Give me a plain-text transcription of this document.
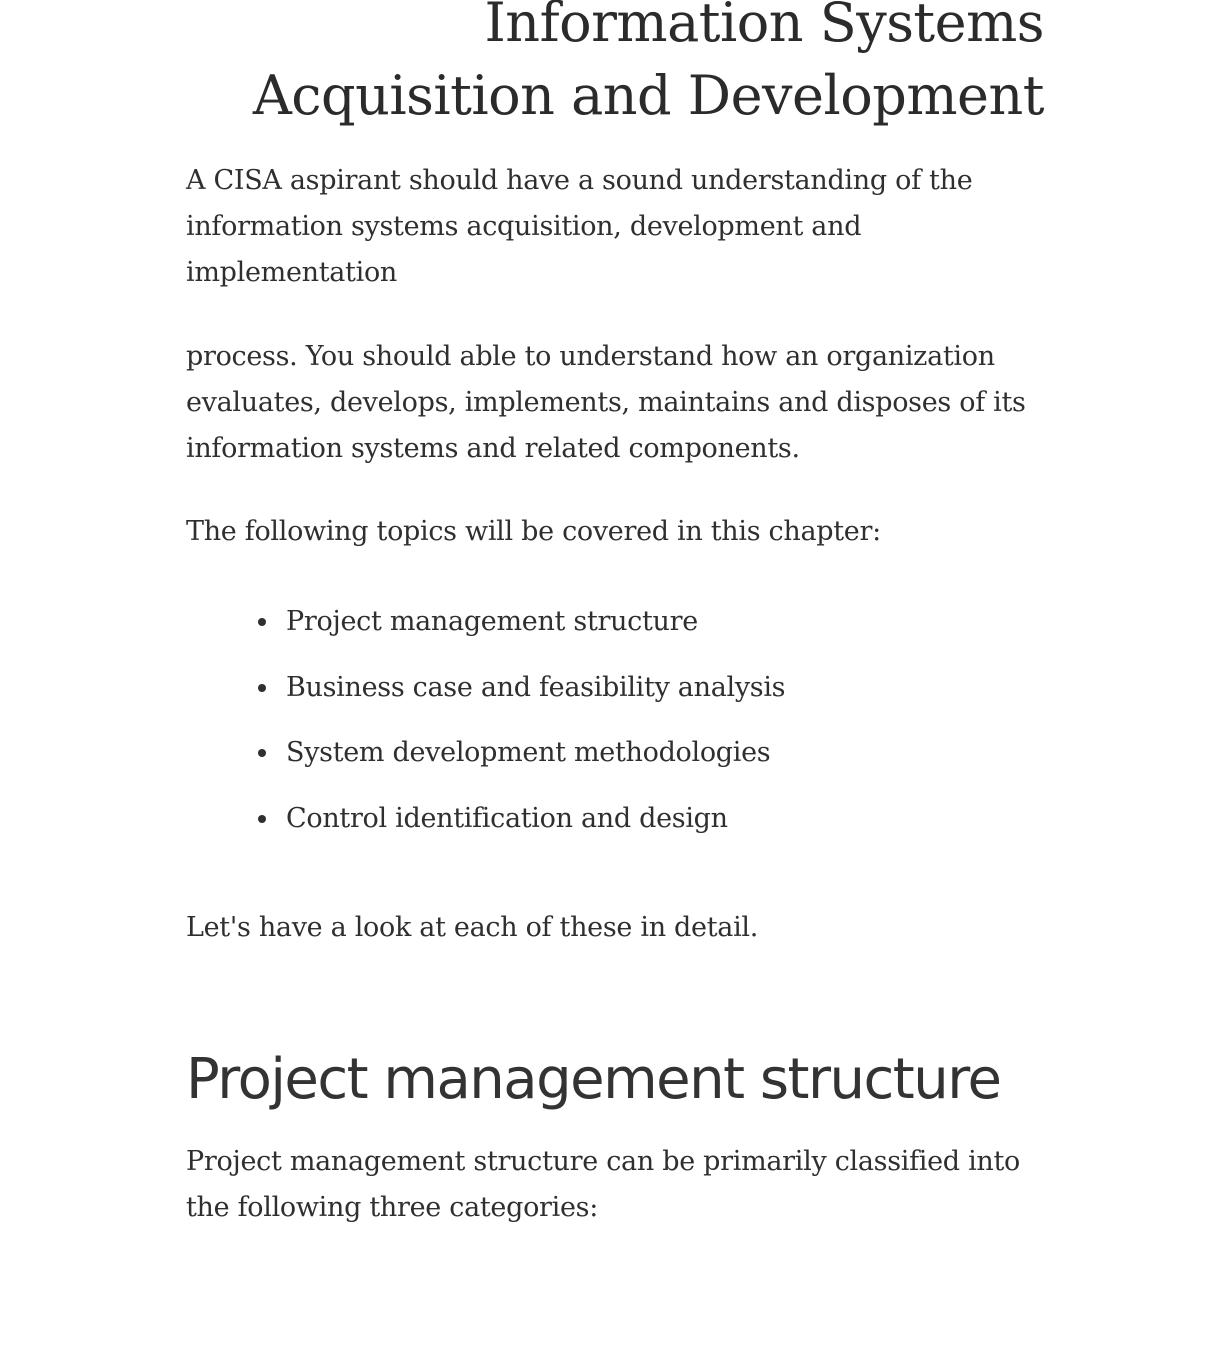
Information Systems
Acquisition and Development

A CISA aspirant should have a sound understanding of the information systems acquisition, development and implementation

process. You should able to understand how an organization evaluates, develops, implements, maintains and disposes of its information systems and related components.

The following topics will be covered in this chapter:

Project management structure
Business case and feasibility analysis
System development methodologies
Control identification and design

Let's have a look at each of these in detail.

Project management structure

Project management structure can be primarily classified into the following three categories:
